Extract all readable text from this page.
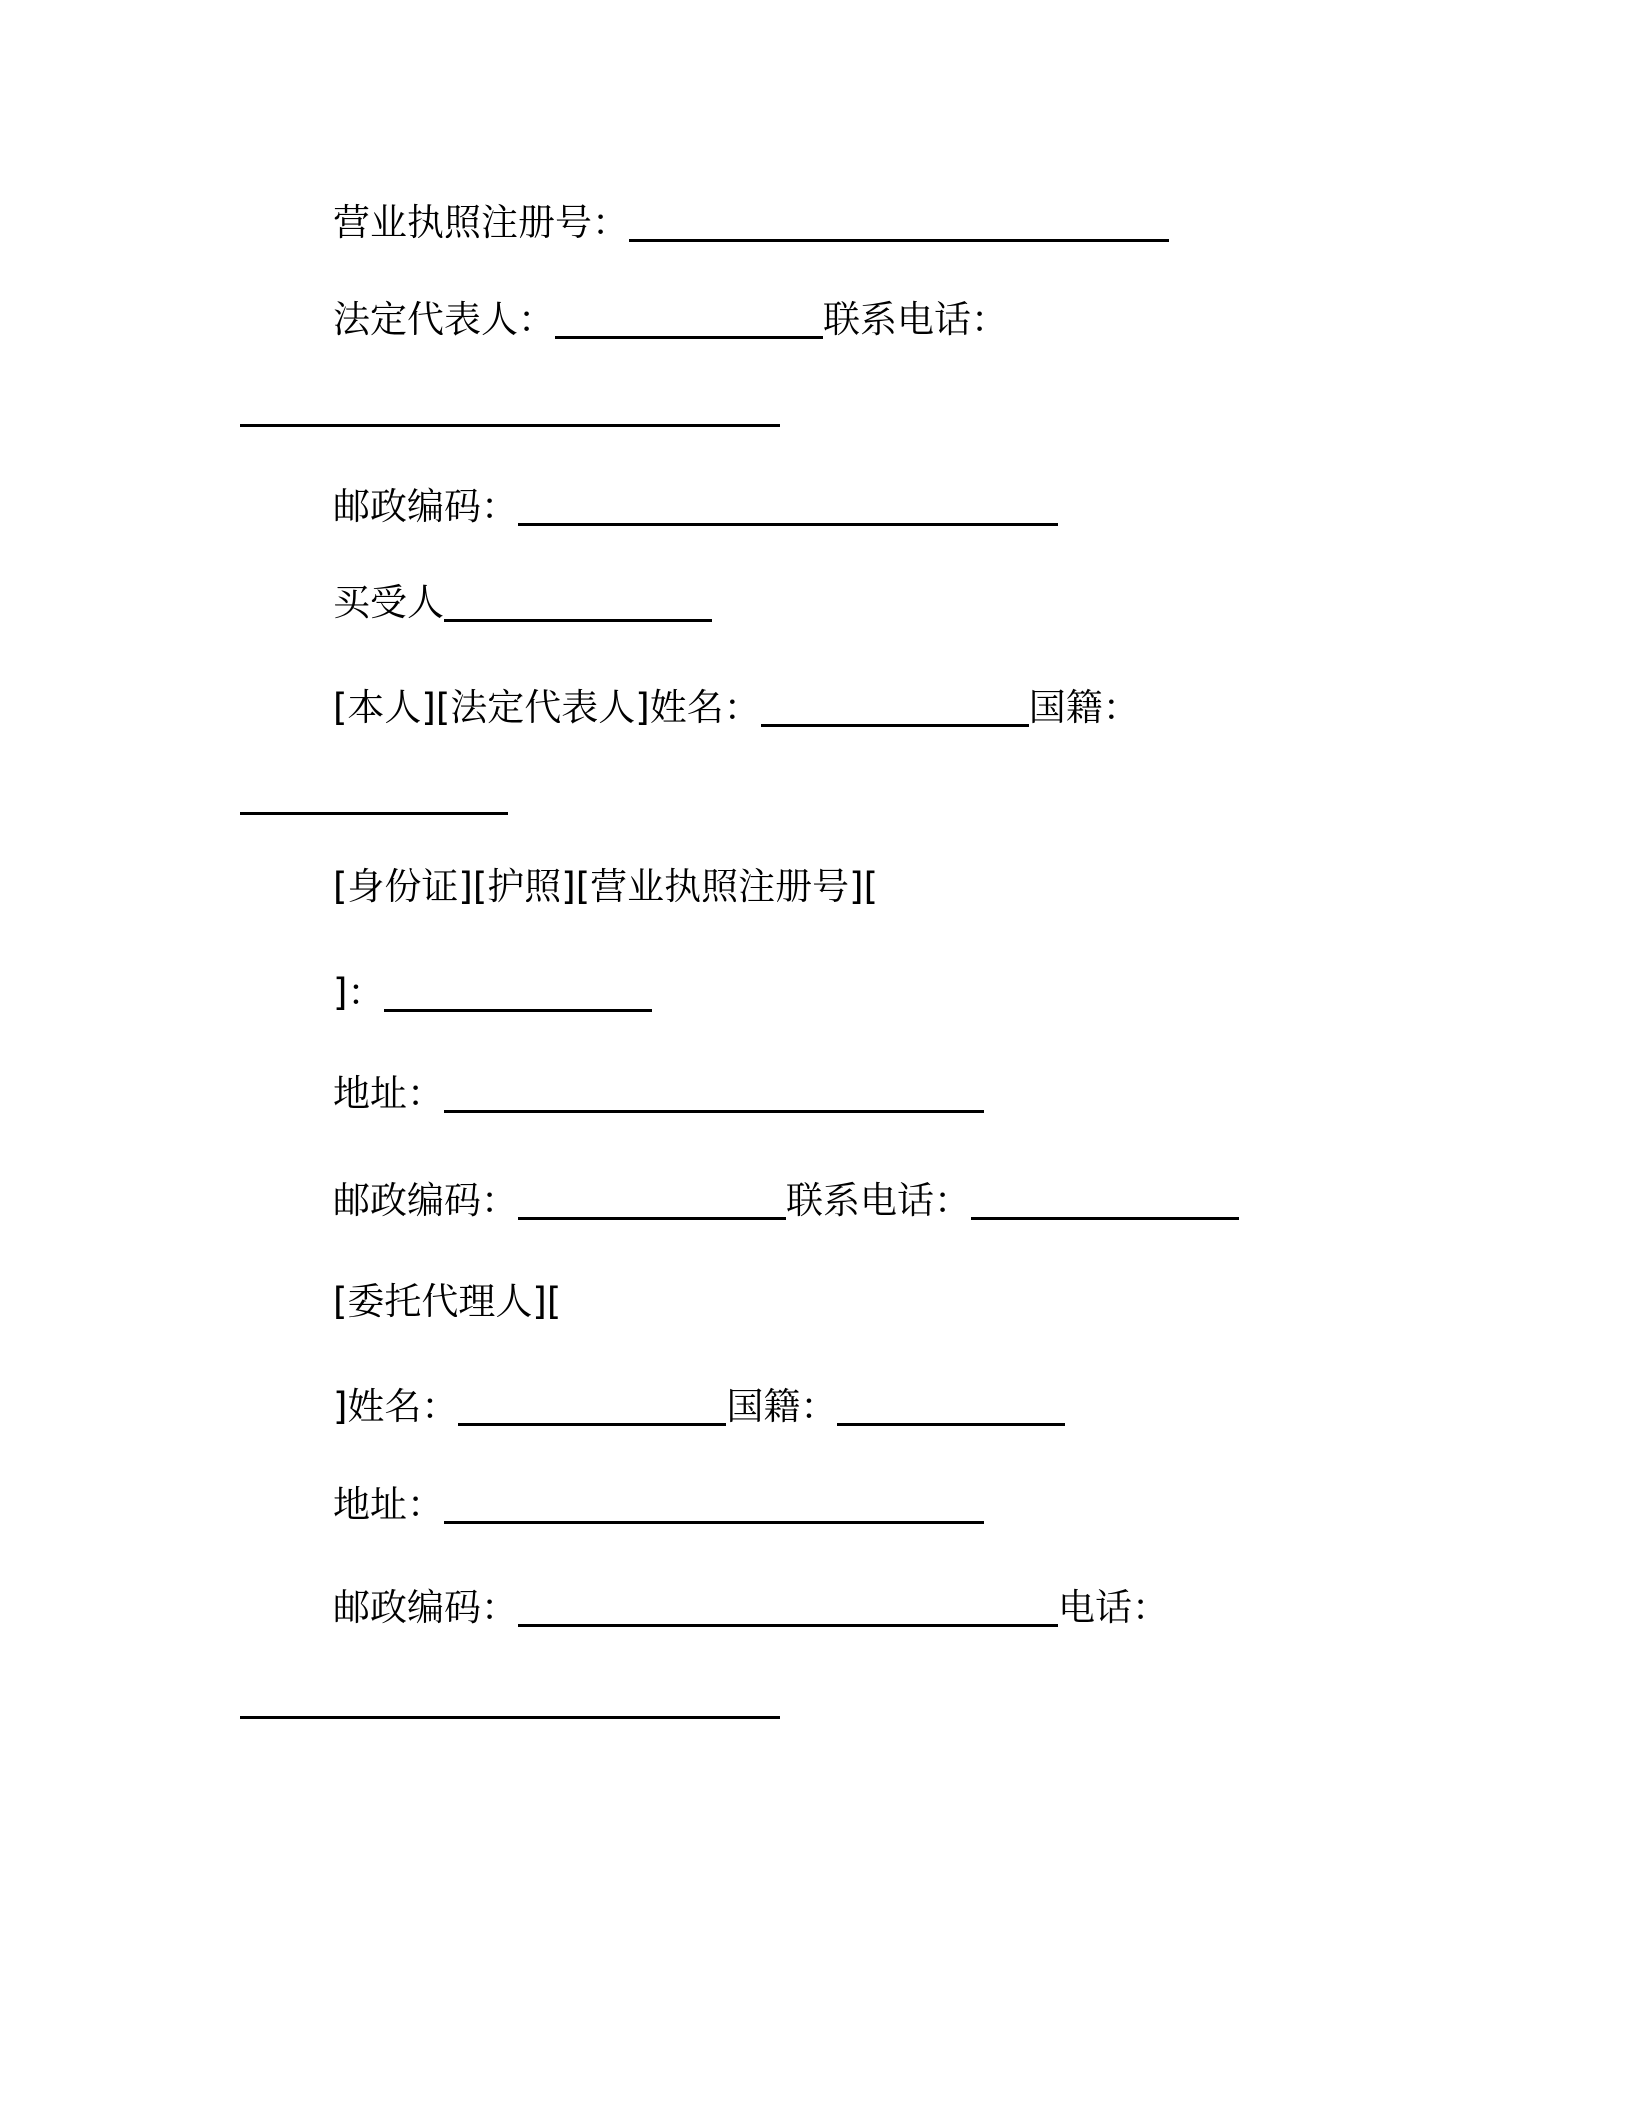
营业执照注册号：
法定代表人：	联系电话：
邮政编码：
买受人
[本人][法定代表人]姓名：	国籍：
[身份证][护照][营业执照注册号][
]：
地址：
邮政编码：	联系电话：
[委托代理人][
]姓名：	国籍：
地址：
邮政编码：	电话：
